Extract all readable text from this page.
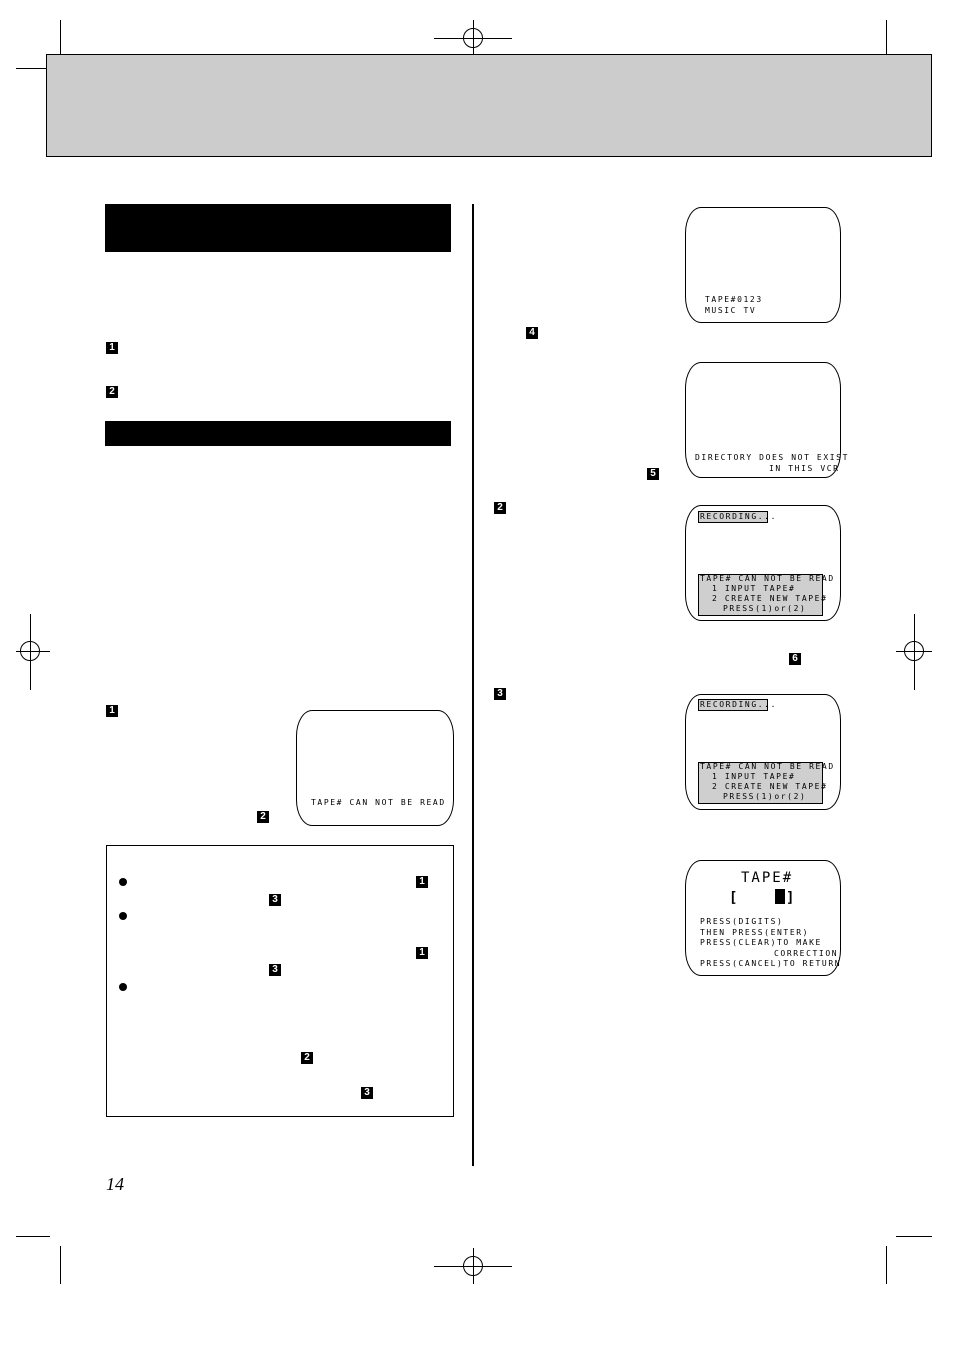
1
2
1
2
4
5
2
6
3
1
3
1
3
2
3
TAPE#0123
MUSIC TV
DIRECTORY DOES NOT EXIST
IN THIS VCR
RECORDING...
TAPE# CAN NOT BE READ
1 INPUT TAPE#
2 CREATE NEW TAPE#
PRESS(1)or(2)
RECORDING...
TAPE# CAN NOT BE READ
1 INPUT TAPE#
2 CREATE NEW TAPE#
PRESS(1)or(2)
TAPE#
[	]
PRESS(DIGITS)
THEN PRESS(ENTER)
PRESS(CLEAR)TO MAKE
CORRECTION
PRESS(CANCEL)TO RETURN
TAPE# CAN NOT BE READ
14
